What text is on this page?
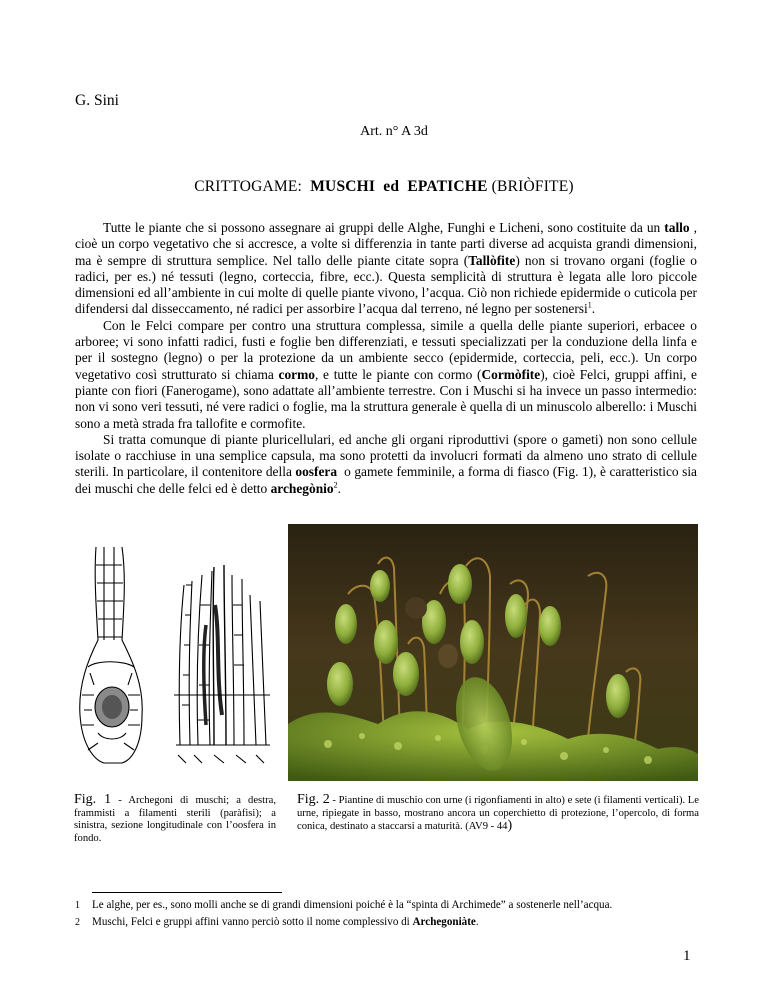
G. Sini
Art. n° A 3d
CRITTOGAME:  MUSCHI  ed  EPATICHE (BRIÒFITE)

Tutte le piante che si possono assegnare ai gruppi delle Alghe, Funghi e Licheni, sono costituite da un tallo , cioè un corpo vegetativo che si accresce, a volte si differenzia in tante parti diverse ad acquista grandi dimensioni, ma è sempre di struttura semplice. Nel tallo delle piante citate sopra (Tallòfite) non si trovano organi (foglie o radici, per es.) né tessuti (legno, corteccia, fibre, ecc.). Questa semplicità di struttura è legata alle loro piccole dimensioni ed all’ambiente in cui molte di quelle piante vivono, l’acqua. Ciò non richiede epidermide o cuticola per difendersi dal disseccamento, né radici per assorbire l’acqua dal terreno, né legno per sostenersi$^1$.

Con le Felci compare per contro una struttura complessa, simile a quella delle piante superiori, erbacee o arboree; vi sono infatti radici, fusti e foglie ben differenziati, e tessuti specializzati per la conduzione della linfa e per il sostegno (legno) o per la protezione da un ambiente secco (epidermide, corteccia, peli, ecc.). Un corpo vegetativo così strutturato si chiama cormo, e tutte le piante con cormo (Cormòfite), cioè Felci, gruppi affini, e piante con fiori (Fanerogame), sono adattate all’ambiente terrestre. Con i Muschi si ha invece un passo intermedio: non vi sono veri tessuti, né vere radici o foglie, ma la struttura generale è quella di un minuscolo alberello: i Muschi sono a metà strada fra tallofite e cormofite.

Si tratta comunque di piante pluricellulari, ed anche gli organi riproduttivi (spore o gameti) non sono cellule isolate o racchiuse in una semplice capsula, ma sono protetti da involucri formati da almeno uno strato di cellule sterili. In particolare, il contenitore della oosfera  o gamete femminile, a forma di fiasco (Fig. 1), è caratteristico sia dei muschi che delle felci ed è detto archegònio$^2$.

Fig. 1 - Archegoni di muschi; a destra, frammisti a filamenti sterili (paràfisi); a sinistra, sezione longitudinale con l’oosfera in fondo.
Fig. 2 - Piantine di muschio con urne (i rigonfiamenti in alto) e sete (i filamenti verticali). Le urne, ripiegate in basso, mostrano ancora un coperchietto di protezione, l’opercolo, di forma conica, destinato a staccarsi a maturità. (AV9 - 44)
1 Le alghe, per es., sono molli anche se di grandi dimensioni poiché è la “spinta di Archimede” a sostenerle nell’acqua.
2 Muschi, Felci e gruppi affini vanno perciò sotto il nome complessivo di Archegoniàte.
1
